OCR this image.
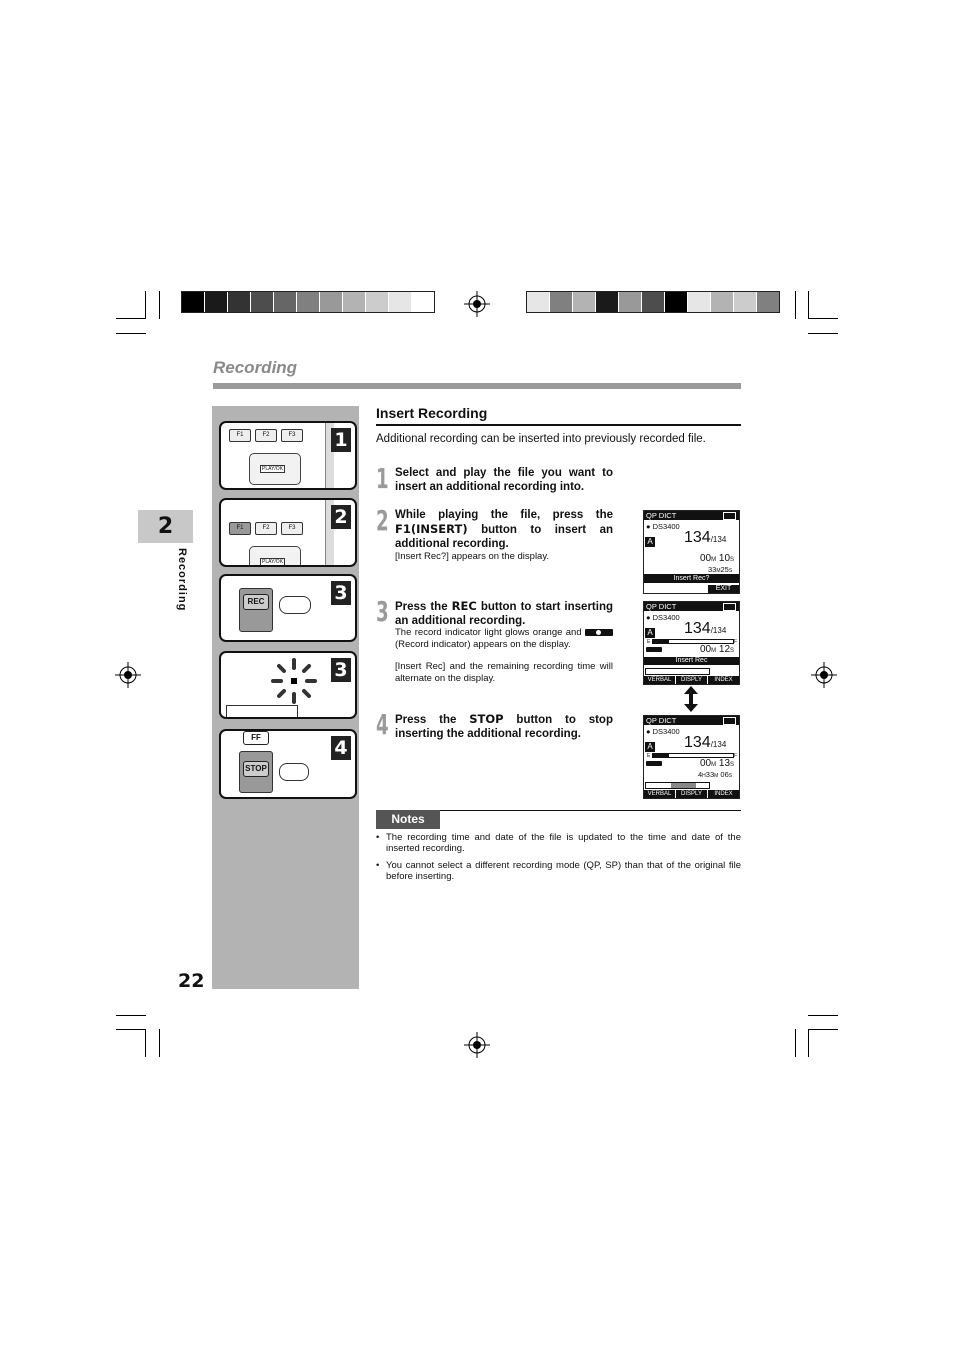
Recording
2
Recording
F1	F2	F3
PLAY/OK
1
F1	F2	F3
PLAY/OK
2
REC	3
3
FF
STOP
4
22
Insert Recording
Additional recording can be inserted into previously recorded file.
1 Select and play the file you want to insert an additional recording into.
2 While playing the file, press the F1(INSERT) button to insert an additional recording.
[Insert Rec?] appears on the display.
3 Press the REC button to start inserting an additional recording.
The record indicator light glows orange and
(Record indicator) appears on the display.
[Insert Rec] and the remaining recording time will alternate on the display.
4 Press the STOP button to stop inserting the additional recording.
QP DICT
● DS3400
A 134/134
00M 10S
33M25S
Insert Rec?
EXIT
QP DICT
● DS3400
A 134/134
E	F
00M 12S
Insert Rec
VERBAL	DISPLY	INDEX
QP DICT
● DS3400
A 134/134
E	F
00M 13S
4H33M 06S
VERBAL	DISPLY	INDEX
Notes
• The recording time and date of the file is updated to the time and date of the inserted recording.
• You cannot select a different recording mode (QP, SP) than that of the original file before inserting.
